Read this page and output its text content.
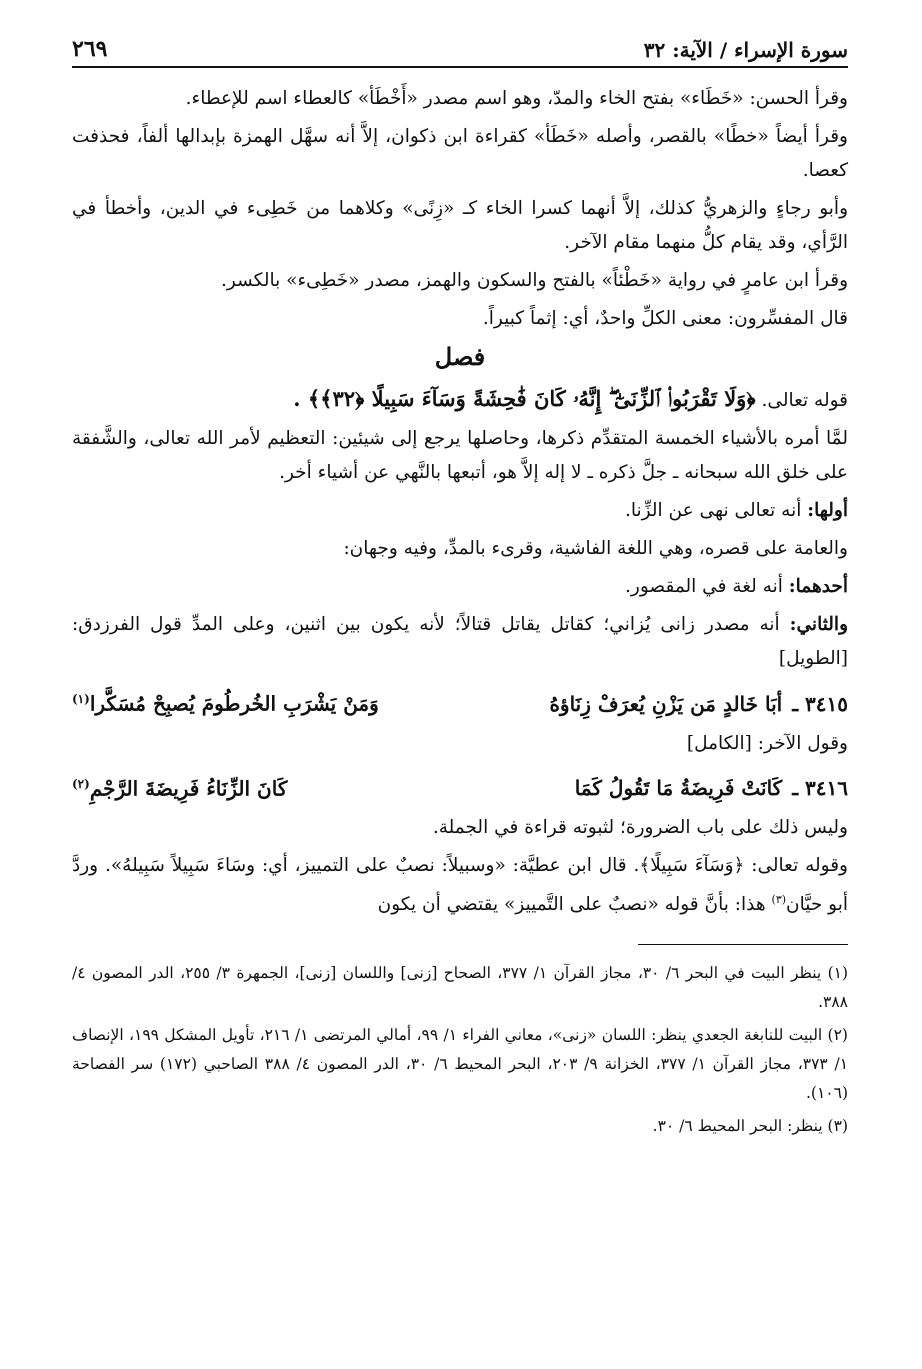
سورة الإسراء / الآية: ٣٢
٢٦٩

وقرأ الحسن: «خَطَاء» بفتح الخاء والمدّ، وهو اسم مصدر «أَخْطَأ» كالعطاء اسم للإعطاء.

وقرأ أيضاً «خطًا» بالقصر، وأصله «خَطَأ» كقراءة ابن ذكوان، إلاَّ أنه سهَّل الهمزة بإبدالها ألفاً، فحذفت كعصا.

وأبو رجاءٍ والزهريُّ كذلك، إلاَّ أنهما كسرا الخاء كـ «زِنًى» وكلاهما من خَطِىء في الدين، وأخطأ في الرَّأي، وقد يقام كلُّ منهما مقام الآخر.

وقرأ ابن عامرٍ في رواية «خَطْئاً» بالفتح والسكون والهمز، مصدر «خَطِىء» بالكسر.

قال المفسِّرون: معنى الكلِّ واحدٌ، أي: إثماً كبيراً.

فصل

قوله تعالى. ﴿وَلَا تَقْرَبُوا۟ ٱلزِّنَىٰٓ ۖ إِنَّهُۥ كَانَ فَٰحِشَةً وَسَآءَ سَبِيلًا ﴿٣٢﴾﴾ .

لمَّا أمره بالأشياء الخمسة المتقدِّم ذكرها، وحاصلها يرجع إلى شيئين: التعظيم لأمر الله تعالى، والشَّفقة على خلق الله سبحانه ـ جلَّ ذكره ـ لا إله إلاَّ هو، أتبعها بالنَّهي عن أشياء أخر.

أولها: أنه تعالى نهى عن الزِّنا.

والعامة على قصره، وهي اللغة الفاشية، وقرىء بالمدِّ، وفيه وجهان:

أحدهما: أنه لغة في المقصور.

والثاني: أنه مصدر زانى يُزاني؛ كقاتل يقاتل قتالاً؛ لأنه يكون بين اثنين، وعلى المدِّ قول الفرزدق: [الطويل]

٣٤١٥ ـ
أبَا خَالدٍ مَن يَزْنِ يُعرَفْ زِنَاؤهُ
وَمَنْ يَشْرَبِ الخُرطُومَ يُصبِحْ مُسَكَّرا$^{(١)}$

وقول الآخر: [الكامل]

٣٤١٦ ـ
كَانَتْ فَرِيضَةُ مَا تَقُولُ كَمَا
كَانَ الزِّنَاءُ فَرِيضَةَ الرَّجْمِ$^{(٢)}$

وليس ذلك على باب الضرورة؛ لثبوته قراءة في الجملة.

وقوله تعالى: ﴿وَسَآءَ سَبِيلًا﴾. قال ابن عطيَّة: «وسبيلاً: نصبٌ على التمييز، أي: وسَاءَ سَبِيلاً سَبِيلهُ». وردَّ أبو حيَّان$^{(٣)}$ هذا: بأنَّ قوله «نصبٌ على التَّمييز» يقتضي أن يكون

(١) ينظر البيت في البحر ٦/ ٣٠، مجاز القرآن ١/ ٣٧٧، الصحاح [زنى] واللسان [زنى]، الجمهرة ٣/ ٢٥٥، الدر المصون ٤/ ٣٨٨.

(٢) البيت للنابغة الجعدي ينظر: اللسان «زنى»، معاني الفراء ١/ ٩٩، أمالي المرتضى ١/ ٢١٦، تأويل المشكل ١٩٩، الإنصاف ١/ ٣٧٣، مجاز القرآن ١/ ٣٧٧، الخزانة ٩/ ٢٠٣، البحر المحيط ٦/ ٣٠، الدر المصون ٤/ ٣٨٨ الصاحبي (١٧٢) سر الفصاحة (١٠٦).

(٣) ينظر: البحر المحيط ٦/ ٣٠.
